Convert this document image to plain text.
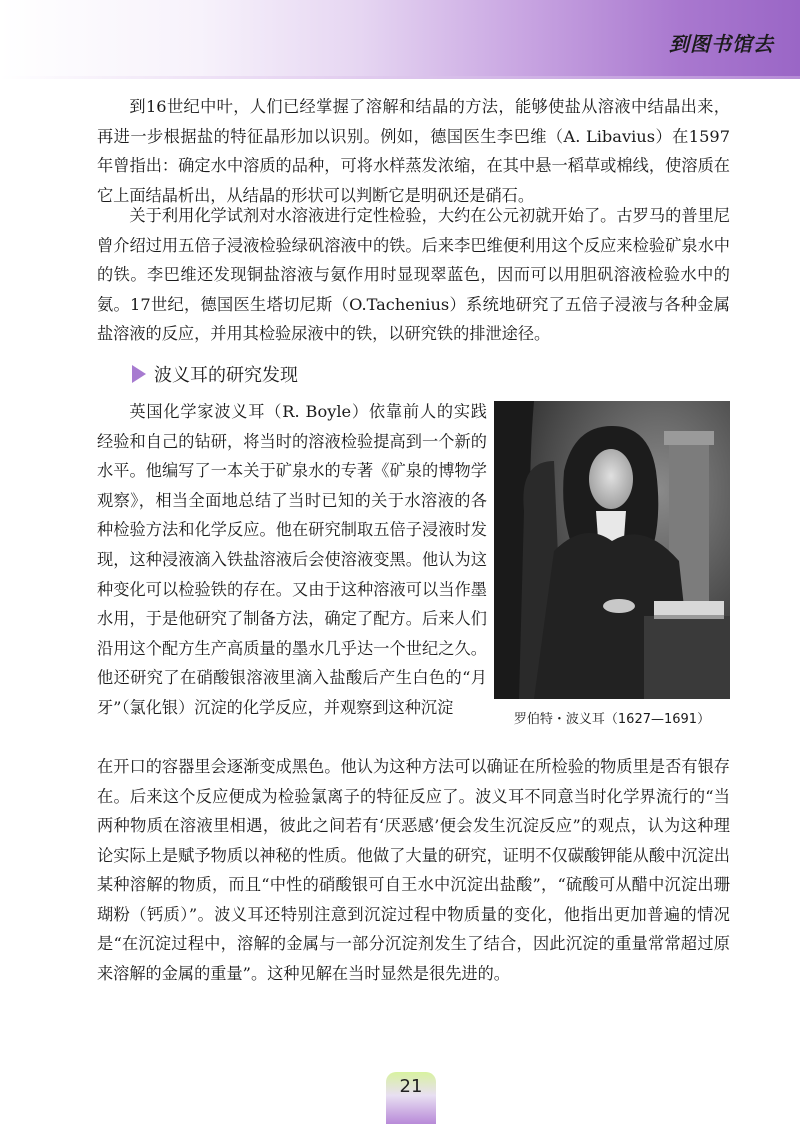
到图书馆去

到16世纪中叶，人们已经掌握了溶解和结晶的方法，能够使盐从溶液中结晶出来，再进一步根据盐的特征晶形加以识别。例如，德国医生李巴维（A. Libavius）在1597年曾指出：确定水中溶质的品种，可将水样蒸发浓缩，在其中悬一稻草或棉线，使溶质在它上面结晶析出，从结晶的形状可以判断它是明矾还是硝石。

关于利用化学试剂对水溶液进行定性检验，大约在公元初就开始了。古罗马的普里尼曾介绍过用五倍子浸液检验绿矾溶液中的铁。后来李巴维便利用这个反应来检验矿泉水中的铁。李巴维还发现铜盐溶液与氨作用时显现翠蓝色，因而可以用胆矾溶液检验水中的氨。17世纪，德国医生塔切尼斯（O.Tachenius）系统地研究了五倍子浸液与各种金属盐溶液的反应，并用其检验尿液中的铁，以研究铁的排泄途径。

波义耳的研究发现

英国化学家波义耳（R. Boyle）依靠前人的实践经验和自己的钻研，将当时的溶液检验提高到一个新的水平。他编写了一本关于矿泉水的专著《矿泉的博物学观察》，相当全面地总结了当时已知的关于水溶液的各种检验方法和化学反应。他在研究制取五倍子浸液时发现，这种浸液滴入铁盐溶液后会使溶液变黑。他认为这种变化可以检验铁的存在。又由于这种溶液可以当作墨水用，于是他研究了制备方法，确定了配方。后来人们沿用这个配方生产高质量的墨水几乎达一个世纪之久。他还研究了在硝酸银溶液里滴入盐酸后产生白色的“月牙”（氯化银）沉淀的化学反应，并观察到这种沉淀

罗伯特・波义耳（1627—1691）

在开口的容器里会逐渐变成黑色。他认为这种方法可以确证在所检验的物质里是否有银存在。后来这个反应便成为检验氯离子的特征反应了。波义耳不同意当时化学界流行的“当两种物质在溶液里相遇，彼此之间若有‘厌恶感’便会发生沉淀反应”的观点，认为这种理论实际上是赋予物质以神秘的性质。他做了大量的研究，证明不仅碳酸钾能从酸中沉淀出某种溶解的物质，而且“中性的硝酸银可自王水中沉淀出盐酸”，“硫酸可从醋中沉淀出珊瑚粉（钙质）”。波义耳还特别注意到沉淀过程中物质量的变化，他指出更加普遍的情况是“在沉淀过程中，溶解的金属与一部分沉淀剂发生了结合，因此沉淀的重量常常超过原来溶解的金属的重量”。这种见解在当时显然是很先进的。

21
